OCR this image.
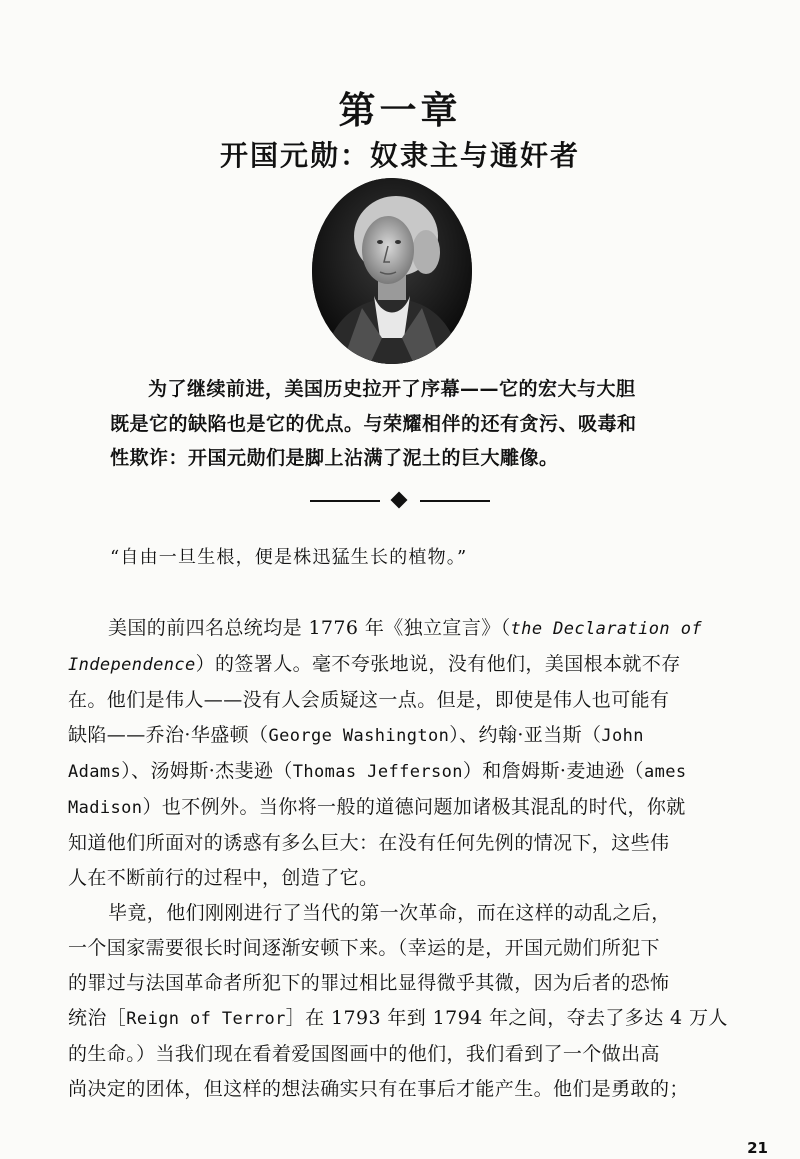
第一章
开国元勋：奴隶主与通奸者
为了继续前进，美国历史拉开了序幕——它的宏大与大胆
既是它的缺陷也是它的优点。与荣耀相伴的还有贪污、吸毒和
性欺诈：开国元勋们是脚上沾满了泥土的巨大雕像。
“自由一旦生根，便是株迅猛生长的植物。”
美国的前四名总统均是 1776 年《独立宣言》（the Declaration of
Independence）的签署人。毫不夸张地说，没有他们，美国根本就不存
在。他们是伟人——没有人会质疑这一点。但是，即使是伟人也可能有
缺陷——乔治·华盛顿（George Washington）、约翰·亚当斯（John
Adams）、汤姆斯·杰斐逊（Thomas Jefferson）和詹姆斯·麦迪逊（ames
Madison）也不例外。当你将一般的道德问题加诸极其混乱的时代，你就
知道他们所面对的诱惑有多么巨大：在没有任何先例的情况下，这些伟
人在不断前行的过程中，创造了它。
毕竟，他们刚刚进行了当代的第一次革命，而在这样的动乱之后，
一个国家需要很长时间逐渐安顿下来。（幸运的是，开国元勋们所犯下
的罪过与法国革命者所犯下的罪过相比显得微乎其微，因为后者的恐怖
统治［Reign of Terror］在 1793 年到 1794 年之间，夺去了多达 4 万人
的生命。）当我们现在看着爱国图画中的他们，我们看到了一个做出高
尚决定的团体，但这样的想法确实只有在事后才能产生。他们是勇敢的；
21
